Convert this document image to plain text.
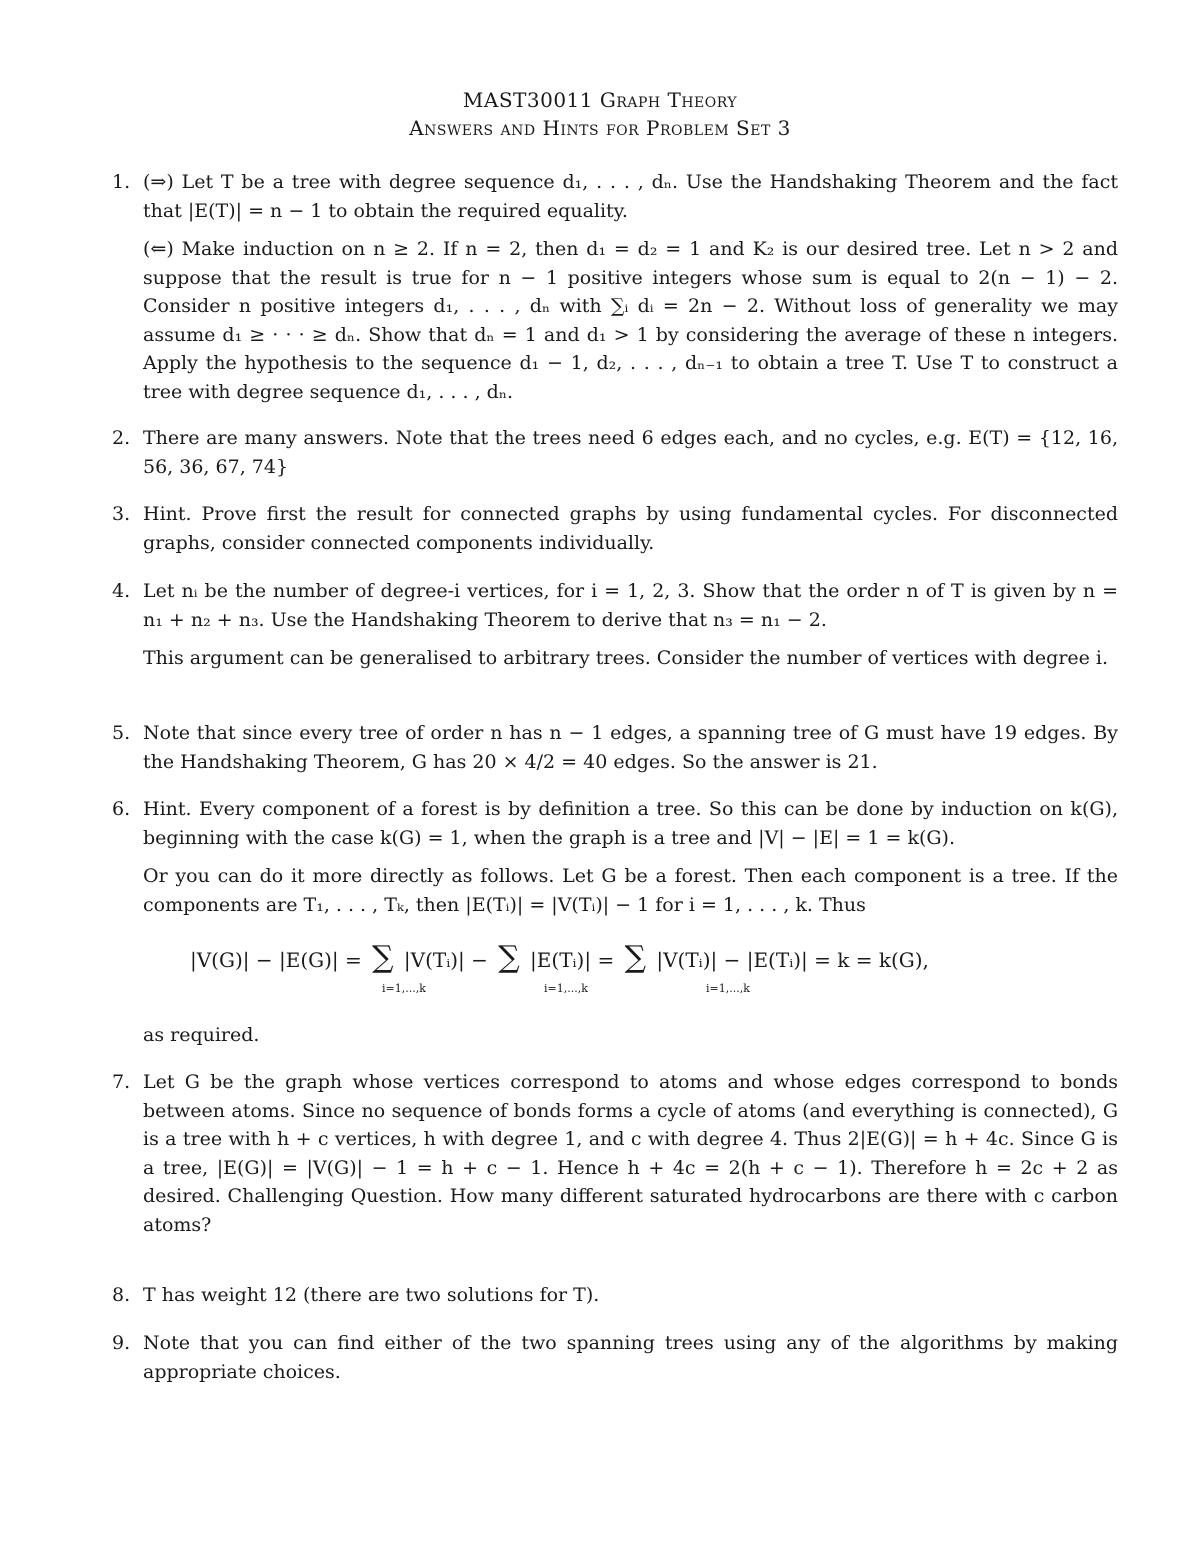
MAST30011 Graph Theory
Answers and Hints for Problem Set 3
1. (⇒) Let T be a tree with degree sequence d₁, . . . , dₙ. Use the Handshaking Theorem and the fact that |E(T)| = n − 1 to obtain the required equality.

(⇐) Make induction on n ≥ 2. If n = 2, then d₁ = d₂ = 1 and K₂ is our desired tree. Let n > 2 and suppose that the result is true for n − 1 positive integers whose sum is equal to 2(n − 1) − 2. Consider n positive integers d₁, . . . , dₙ with ∑ᵢ dᵢ = 2n − 2. Without loss of generality we may assume d₁ ≥ · · · ≥ dₙ. Show that dₙ = 1 and d₁ > 1 by considering the average of these n integers. Apply the hypothesis to the sequence d₁ − 1, d₂, . . . , dₙ₋₁ to obtain a tree T. Use T to construct a tree with degree sequence d₁, . . . , dₙ.

2. There are many answers. Note that the trees need 6 edges each, and no cycles, e.g. E(T) = {12, 16, 56, 36, 67, 74}

3. Hint. Prove first the result for connected graphs by using fundamental cycles. For disconnected graphs, consider connected components individually.

4. Let nᵢ be the number of degree-i vertices, for i = 1, 2, 3. Show that the order n of T is given by n = n₁ + n₂ + n₃. Use the Handshaking Theorem to derive that n₃ = n₁ − 2.

This argument can be generalised to arbitrary trees. Consider the number of vertices with degree i.

5. Note that since every tree of order n has n − 1 edges, a spanning tree of G must have 19 edges. By the Handshaking Theorem, G has 20 × 4/2 = 40 edges. So the answer is 21.

6. Hint. Every component of a forest is by definition a tree. So this can be done by induction on k(G), beginning with the case k(G) = 1, when the graph is a tree and |V| − |E| = 1 = k(G).

Or you can do it more directly as follows. Let G be a forest. Then each component is a tree. If the components are T₁, . . . , Tₖ, then |E(Tᵢ)| = |V(Tᵢ)| − 1 for i = 1, . . . , k. Thus

as required.

|V(G)| − |E(G)| = ∑ |V(Tᵢ)| − ∑ |E(Tᵢ)| = ∑ |V(Tᵢ)| − |E(Tᵢ)| = k = k(G),
i=1,...,k	i=1,...,k	i=1,...,k
7. Let G be the graph whose vertices correspond to atoms and whose edges correspond to bonds between atoms. Since no sequence of bonds forms a cycle of atoms (and everything is connected), G is a tree with h + c vertices, h with degree 1, and c with degree 4. Thus 2|E(G)| = h + 4c. Since G is a tree, |E(G)| = |V(G)| − 1 = h + c − 1. Hence h + 4c = 2(h + c − 1). Therefore h = 2c + 2 as desired. Challenging Question. How many different saturated hydrocarbons are there with c carbon atoms?

8. T has weight 12 (there are two solutions for T).

9. Note that you can find either of the two spanning trees using any of the algorithms by making appropriate choices.
